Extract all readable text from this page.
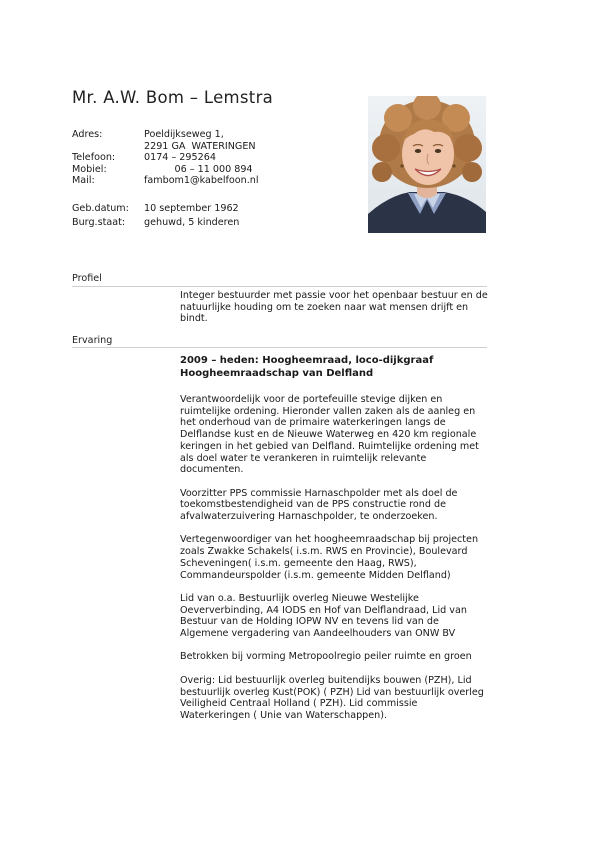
Mr. A.W. Bom – Lemstra
Adres:	Poeldijkseweg 1,
2291 GA  WATERINGEN
Telefoon:	0174 – 295264
Mobiel:	06 – 11 000 894
Mail:	fambom1@kabelfoon.nl
Geb.datum:	10 september 1962
Burg.staat:	gehuwd, 5 kinderen
Profiel

Integer bestuurder met passie voor het openbaar bestuur en de natuurlijke houding om te zoeken naar wat mensen drijft en bindt.

Ervaring
2009 – heden: Hoogheemraad, loco-dijkgraaf
Hoogheemraadschap van Delfland

Verantwoordelijk voor de portefeuille stevige dijken en ruimtelijke ordening. Hieronder vallen zaken als de aanleg en het onderhoud van de primaire waterkeringen langs de Delflandse kust en de Nieuwe Waterweg en 420 km regionale keringen in het gebied van Delfland. Ruimtelijke ordening met als doel water te verankeren in ruimtelijk relevante documenten.

Voorzitter PPS commissie Harnaschpolder met als doel de toekomstbestendigheid van de PPS constructie rond de afvalwaterzuivering Harnaschpolder, te onderzoeken.

Vertegenwoordiger van het hoogheemraadschap bij projecten zoals Zwakke Schakels( i.s.m. RWS en Provincie), Boulevard Scheveningen( i.s.m. gemeente den Haag, RWS), Commandeurspolder (i.s.m. gemeente Midden Delfland)

Lid van o.a. Bestuurlijk overleg Nieuwe Westelijke Oeververbinding, A4 IODS en Hof van Delflandraad, Lid van Bestuur van de Holding IOPW NV en tevens lid van de Algemene vergadering van Aandeelhouders van ONW BV

Betrokken bij vorming Metropoolregio peiler ruimte en groen

Overig: Lid bestuurlijk overleg buitendijks bouwen (PZH), Lid bestuurlijk overleg Kust(POK) ( PZH) Lid van bestuurlijk overleg Veiligheid Centraal Holland ( PZH). Lid commissie Waterkeringen ( Unie van Waterschappen).
